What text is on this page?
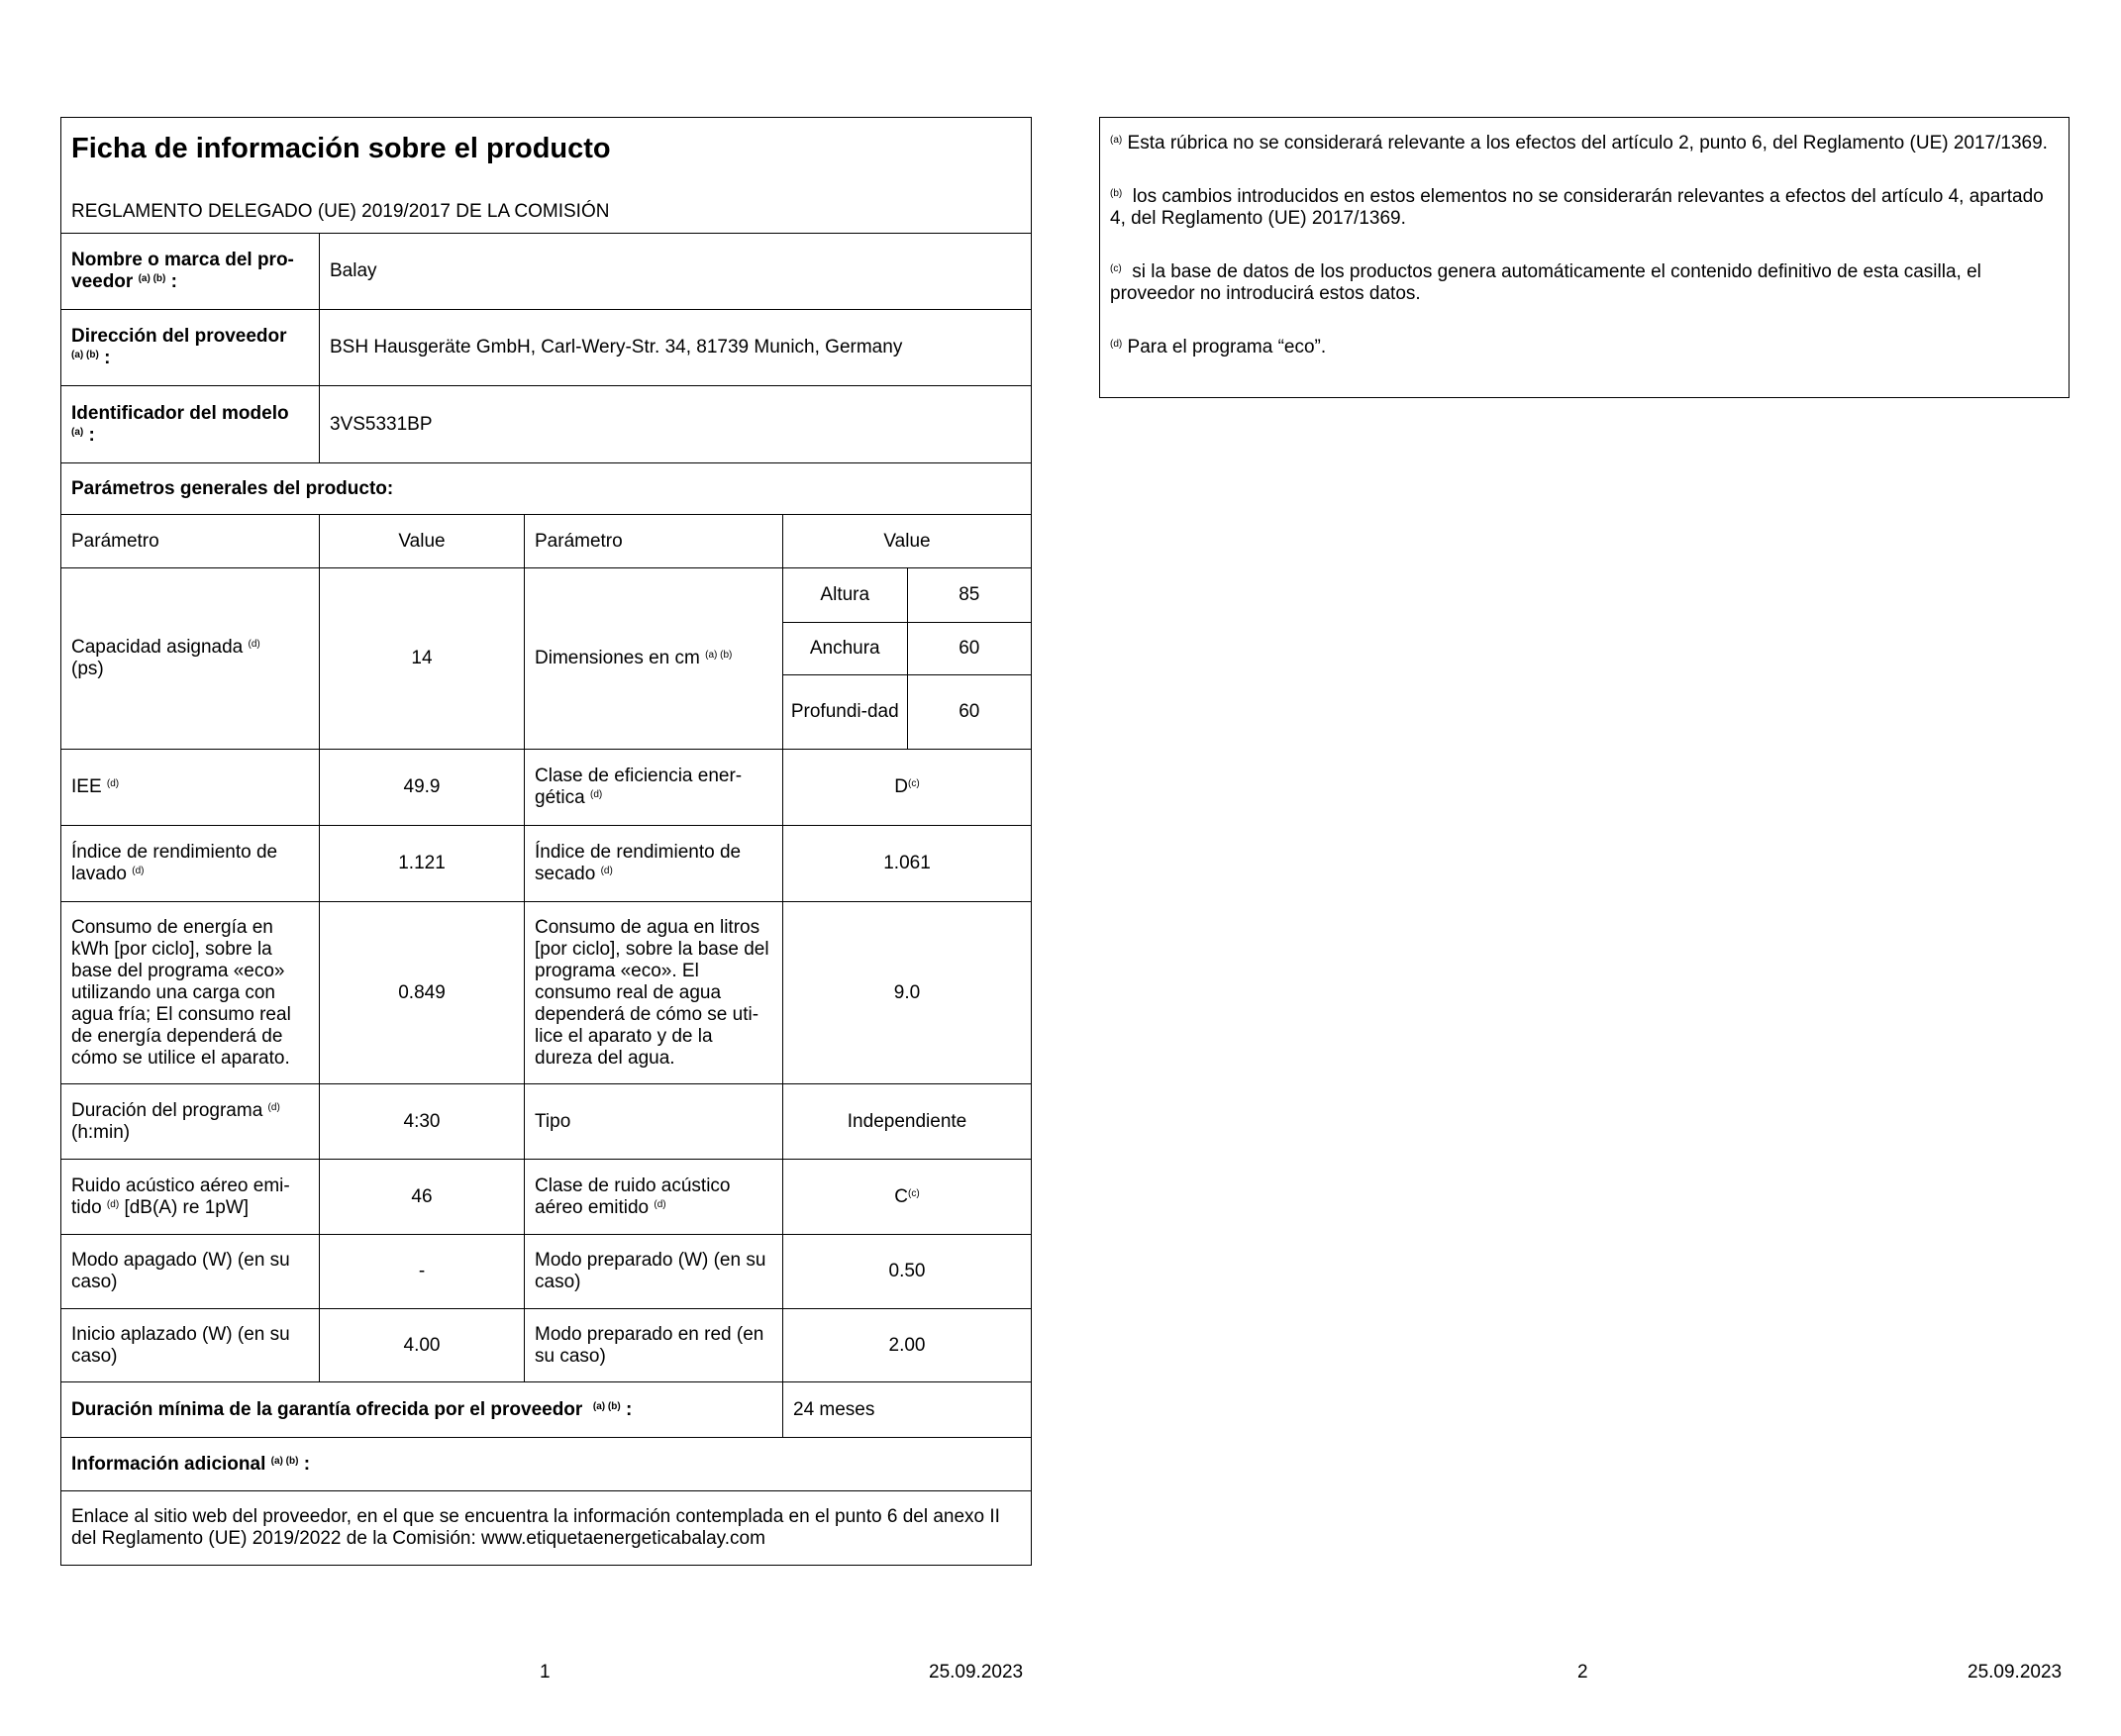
Ficha de información sobre el producto
REGLAMENTO DELEGADO (UE) 2019/2017 DE LA COMISIÓN

Nombre o marca del pro-veedor $^{(a) (b)}$ :	Balay
Dirección del proveedor
$^{(a) (b)}$ :	BSH Hausgeräte GmbH, Carl-Wery-Str. 34, 81739 Munich, Germany
Identificador del modelo
$^{(a)}$ :	3VS5331BP
Parámetros generales del producto:
Parámetro	Value	Parámetro	Value
Capacidad asignada $^{(d)}$
(ps)	14	Dimensiones en cm $^{(a) (b)}$	
Altura	85
Anchura	60
Profundi-dad	60

IEE $^{(d)}$	49.9	Clase de eficiencia ener-gética $^{(d)}$	D$^{(c)}$
Índice de rendimiento de lavado $^{(d)}$	1.121	Índice de rendimiento de secado $^{(d)}$	1.061
Consumo de energía en kWh [por ciclo], sobre la base del programa «eco» utilizando una carga con agua fría; El consumo real de energía dependerá de cómo se utilice el aparato.	0.849	Consumo de agua en litros [por ciclo], sobre la base del programa «eco». El consumo real de agua dependerá de cómo se uti-lice el aparato y de la dureza del agua.	9.0
Duración del programa $^{(d)}$
(h:min)	4:30	Tipo	Independiente
Ruido acústico aéreo emi-tido $^{(d)}$ [dB(A) re 1pW]	46	Clase de ruido acústico aéreo emitido $^{(d)}$	C$^{(c)}$
Modo apagado (W) (en su caso)	-	Modo preparado (W) (en su caso)	0.50
Inicio aplazado (W) (en su caso)	4.00	Modo preparado en red (en su caso)	2.00
Duración mínima de la garantía ofrecida por el proveedor $^{(a) (b)}$ :	24 meses
Información adicional $^{(a) (b)}$ :
Enlace al sitio web del proveedor, en el que se encuentra la información contemplada en el punto 6 del anexo II del Reglamento (UE) 2019/2022 de la Comisión: www.etiquetaenergeticabalay.com

$^{(a)}$ Esta rúbrica no se considerará relevante a los efectos del artículo 2, punto 6, del Reglamento (UE) 2017/1369.

$^{(b)}$ los cambios introducidos en estos elementos no se considerarán relevantes a efectos del artículo 4, apartado 4, del Reglamento (UE) 2017/1369.

$^{(c)}$ si la base de datos de los productos genera automáticamente el contenido definitivo de esta casilla, el proveedor no introducirá estos datos.

$^{(d)}$ Para el programa “eco”.

1	25.09.2023	2	25.09.2023
